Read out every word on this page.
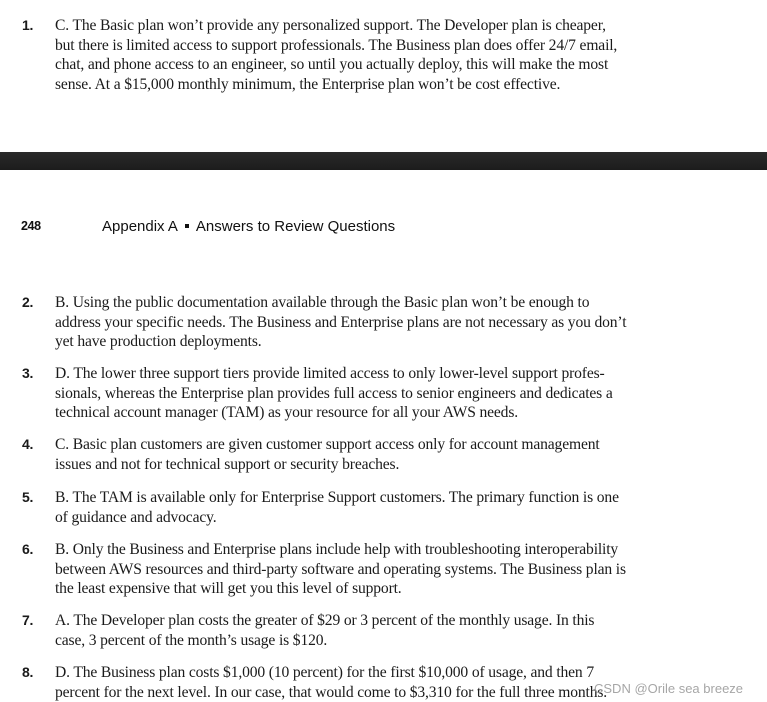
1. C. The Basic plan won’t provide any personalized support. The Developer plan is cheaper,
but there is limited access to support professionals. The Business plan does offer 24/7 email,
chat, and phone access to an engineer, so until you actually deploy, this will make the most
sense. At a $15,000 monthly minimum, the Enterprise plan won’t be cost effective.
248	Appendix A Answers to Review Questions
2. B. Using the public documentation available through the Basic plan won’t be enough to
address your specific needs. The Business and Enterprise plans are not necessary as you don’t
yet have production deployments.
3. D. The lower three support tiers provide limited access to only lower-level support profes-
sionals, whereas the Enterprise plan provides full access to senior engineers and dedicates a
technical account manager (TAM) as your resource for all your AWS needs.
4. C. Basic plan customers are given customer support access only for account management
issues and not for technical support or security breaches.
5. B. The TAM is available only for Enterprise Support customers. The primary function is one
of guidance and advocacy.
6. B. Only the Business and Enterprise plans include help with troubleshooting interoperability
between AWS resources and third-party software and operating systems. The Business plan is
the least expensive that will get you this level of support.
7. A. The Developer plan costs the greater of $29 or 3 percent of the monthly usage. In this
case, 3 percent of the month’s usage is $120.
8. D. The Business plan costs $1,000 (10 percent) for the first $10,000 of usage, and then 7
percent for the next level. In our case, that would come to $3,310 for the full three months.
CSDN @Orile sea breeze
